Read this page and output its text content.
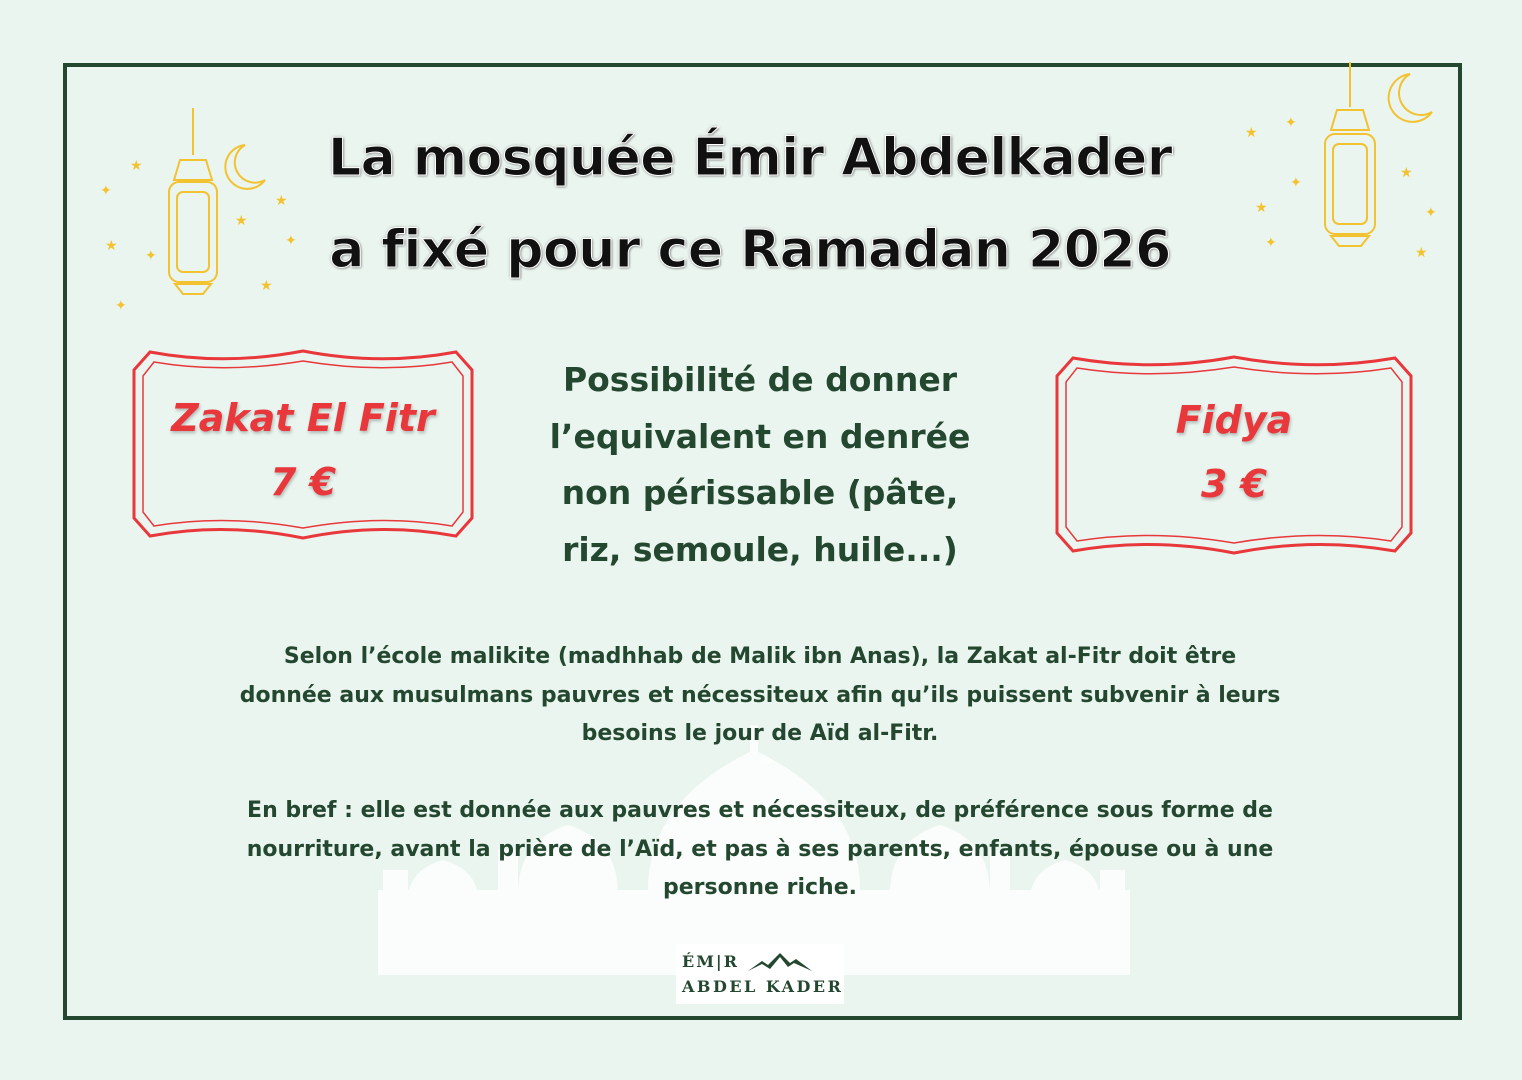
★
★
✦
★
✦
★
✦
✦
★
★
✦
★
✦
★
✦
★
✦
La mosquée Émir Abdelkader
a fixé pour ce Ramadan 2026
Zakat El Fitr
7 €
Fidya
3 €
Possibilité de donner
l’equivalent en denrée
non périssable (pâte,
riz, semoule, huile...)
Selon l’école malikite (madhhab de Malik ibn Anas), la Zakat al-Fitr doit être
donnée aux musulmans pauvres et nécessiteux afin qu’ils puissent subvenir à leurs
besoins le jour de Aïd al-Fitr.
En bref : elle est donnée aux pauvres et nécessiteux, de préférence sous forme de
nourriture, avant la prière de l’Aïd, et pas à ses parents, enfants, épouse ou à une
personne riche.
ÉM|R
ABDEL KADER
